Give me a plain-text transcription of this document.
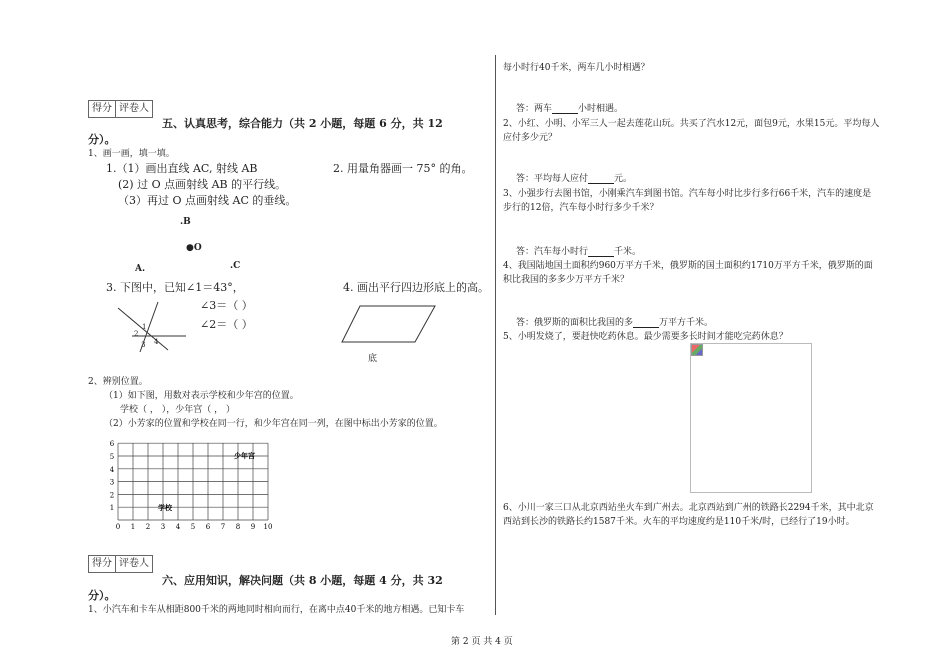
得分 评卷人
五、认真思考，综合能力（共 2 小题，每题 6 分，共 12
分）。
1、画一画，填一填。
1.（1）画出直线 AC, 射线 AB
(2) 过 O 点画射线 AB 的平行线。
（3）再过 O 点画射线 AC 的垂线。
2. 用量角器画一 75° 的角。
.B
●O
A.	.C
3. 下图中，已知∠1＝43°，
∠3＝（ ）
∠2＝（ ）
4. 画出平行四边形底上的高。
1
2
3 4
底
2、辨别位置。
（1）如下图，用数对表示学校和少年宫的位置。
学校（ ， ），少年宫（ ， ）
（2）小芳家的位置和学校在同一行，和少年宫在同一列，在图中标出小芳家的位置。
0 1 2 3 4 5 6 7 8 9 10
1
2
3
4
5
6
学校
少年宫
得分 评卷人
六、应用知识，解决问题（共 8 小题，每题 4 分，共 32
分）。
1、小汽车和卡车从相距800千米的两地同时相向而行，在离中点40千米的地方相遇。已知卡车
每小时行40千米，两车几小时相遇？
答：两车	小时相遇。
2、小红、小明、小军三人一起去莲花山玩。共买了汽水12元，面包9元，水果15元。平均每人
应付多少元？
答：平均每人应付	元。
3、小强步行去图书馆，小刚乘汽车到图书馆。汽车每小时比步行多行66千米，汽车的速度是
步行的12倍，汽车每小时行多少千米？
答：汽车每小时行	千米。
4、我国陆地国土面积约960万平方千米，俄罗斯的国土面积约1710万平方千米，俄罗斯的面
积比我国的多多少万平方千米？
答：俄罗斯的面积比我国的多	万平方千米。
5、小明发烧了，要赶快吃药休息。最少需要多长时间才能吃完药休息？
6、小川一家三口从北京西站坐火车到广州去。北京西站到广州的铁路长2294千米，其中北京
西站到长沙的铁路长约1587千米。火车的平均速度约是110千米/时，已经行了19小时。
第 2 页 共 4 页
